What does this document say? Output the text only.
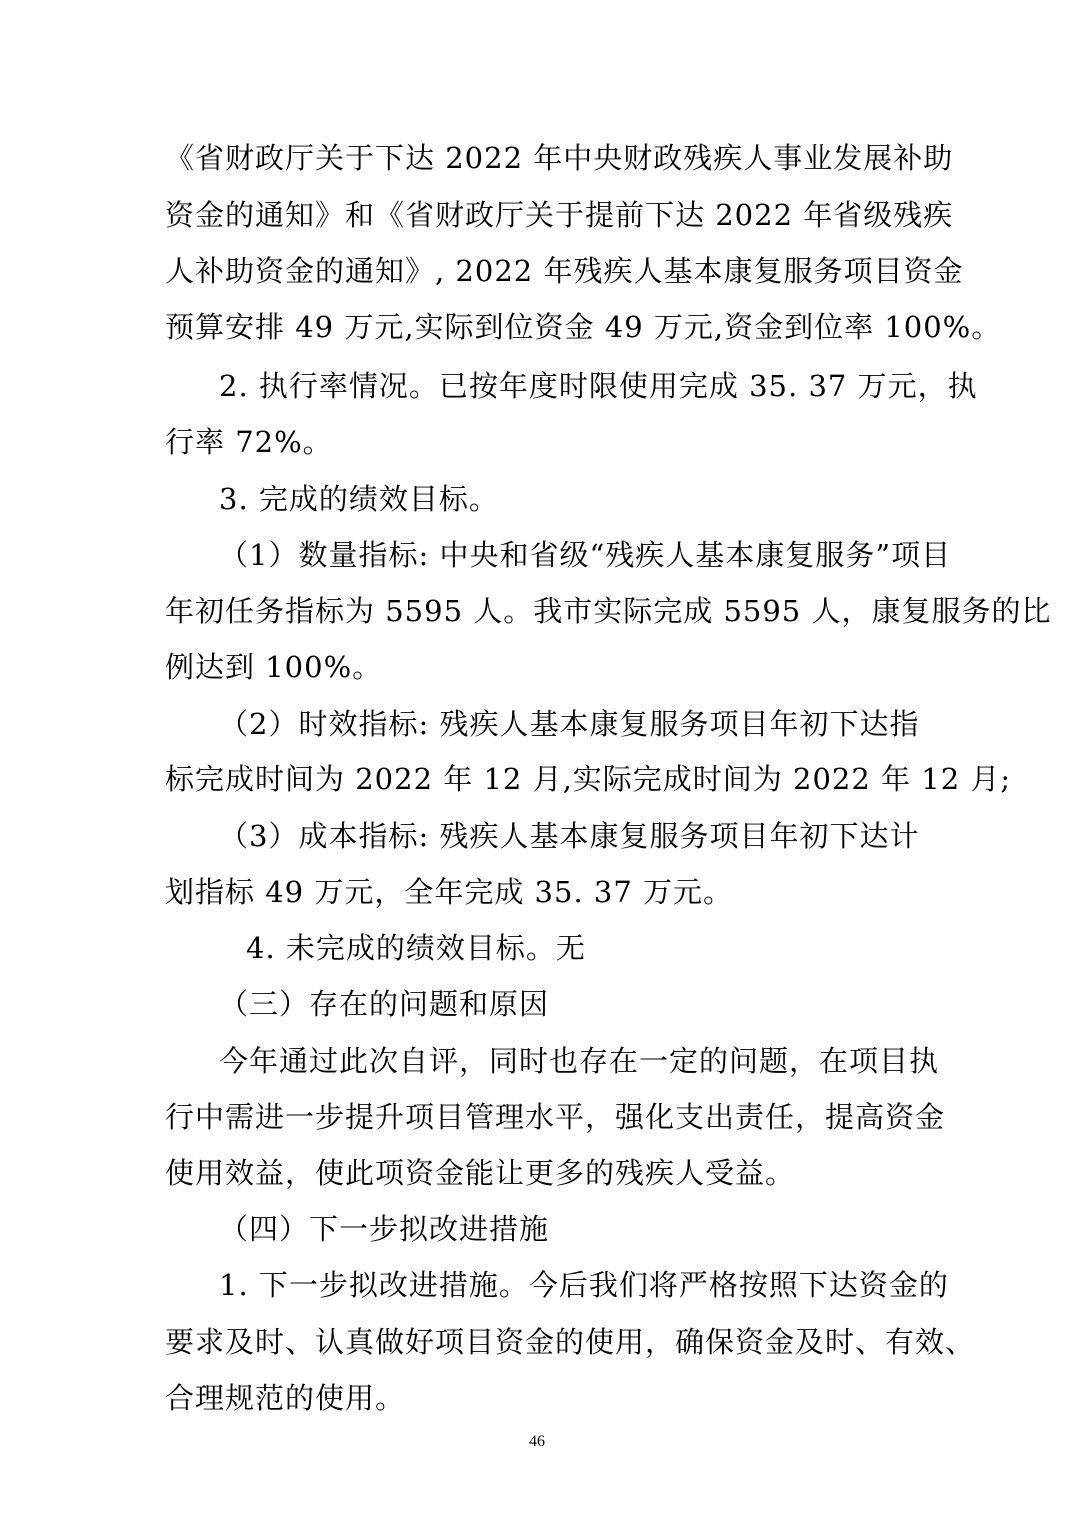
《省财政厅关于下达 2022 年中央财政残疾人事业发展补助
资金的通知》和《省财政厅关于提前下达 2022 年省级残疾
人补助资金的通知》, 2022 年残疾人基本康复服务项目资金
预算安排 49 万元,实际到位资金 49 万元,资金到位率 100%。
2. 执行率情况。已按年度时限使用完成 35. 37 万元，执
行率 72%。
3. 完成的绩效目标。
（1）数量指标: 中央和省级“残疾人基本康复服务”项目
年初任务指标为 5595 人。我市实际完成 5595 人，康复服务的比
例达到 100%。
（2）时效指标: 残疾人基本康复服务项目年初下达指
标完成时间为 2022 年 12 月,实际完成时间为 2022 年 12 月;
（3）成本指标: 残疾人基本康复服务项目年初下达计
划指标 49 万元，全年完成 35. 37 万元。
4. 未完成的绩效目标。无
（三）存在的问题和原因
今年通过此次自评，同时也存在一定的问题，在项目执
行中需进一步提升项目管理水平，强化支出责任，提高资金
使用效益，使此项资金能让更多的残疾人受益。
（四）下一步拟改进措施
1. 下一步拟改进措施。今后我们将严格按照下达资金的
要求及时、认真做好项目资金的使用，确保资金及时、有效、
合理规范的使用。
46
